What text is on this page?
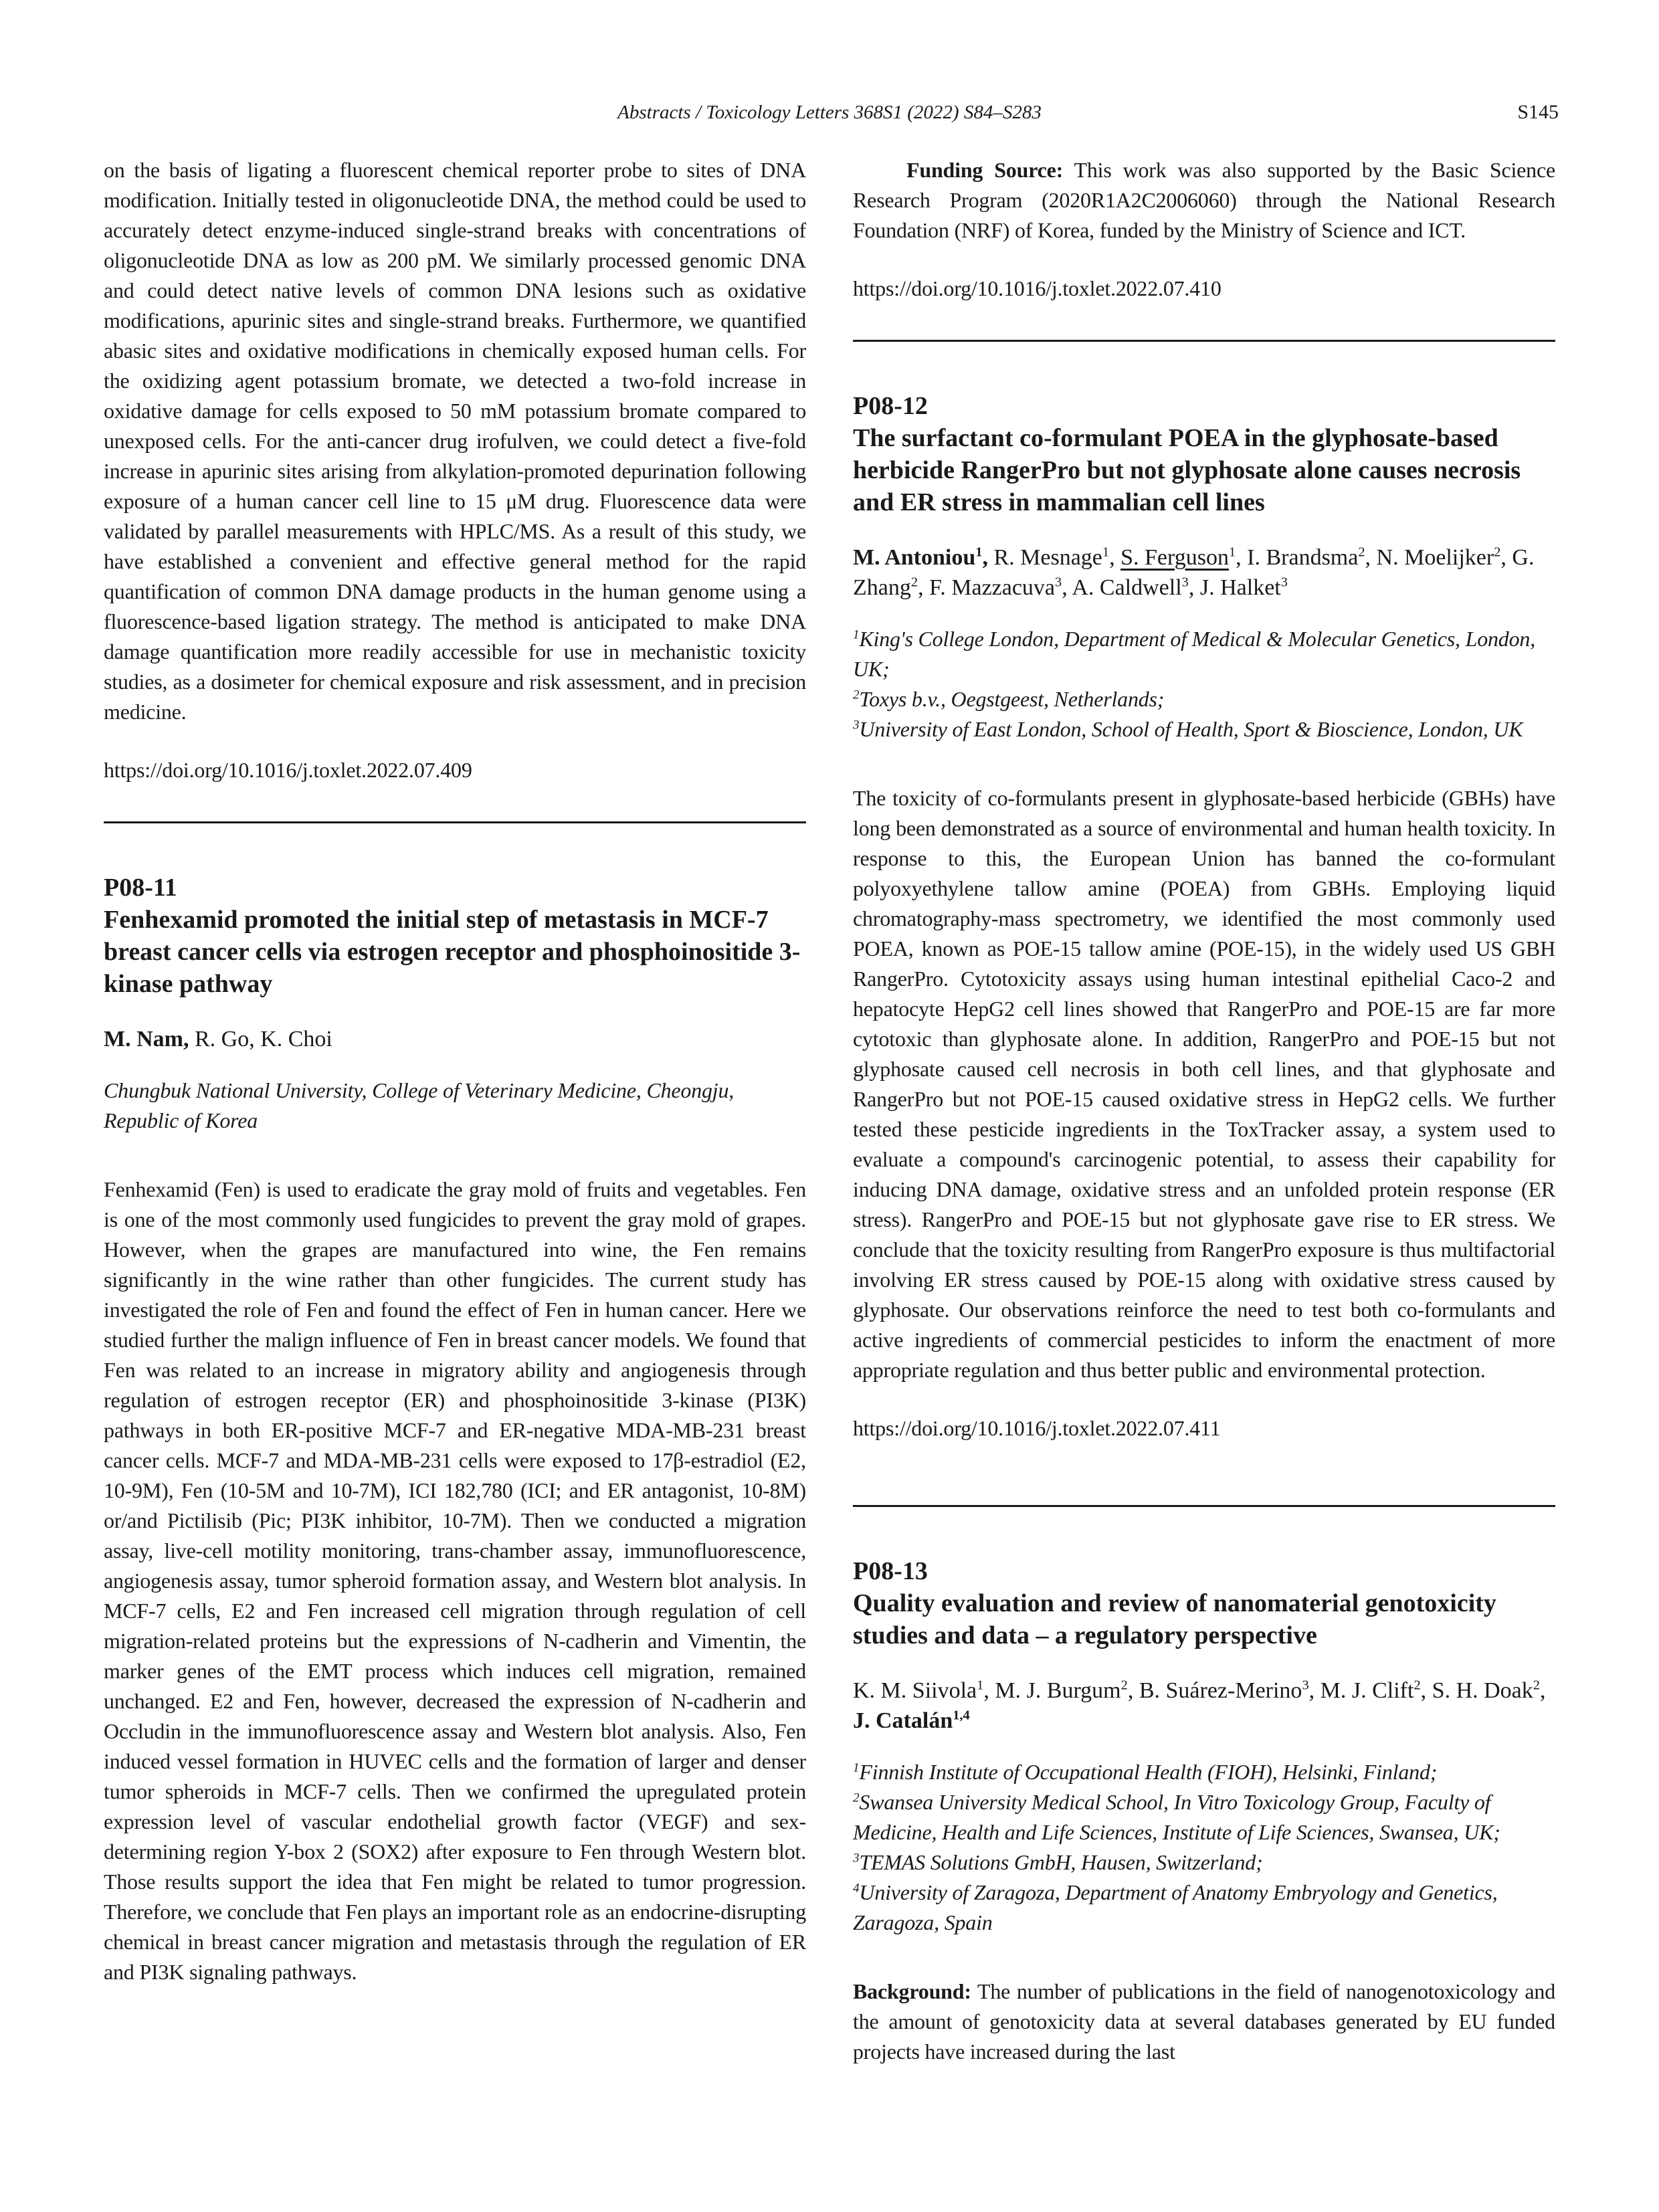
Abstracts / Toxicology Letters 368S1 (2022) S84–S283	S145

on the basis of ligating a fluorescent chemical reporter probe to sites of DNA modification. Initially tested in oligonucleotide DNA, the method could be used to accurately detect enzyme-induced single-strand breaks with concentrations of oligonucleotide DNA as low as 200 pM. We similarly processed genomic DNA and could detect native levels of common DNA lesions such as oxidative modifications, apurinic sites and single-strand breaks. Furthermore, we quantified abasic sites and oxidative modifications in chemically exposed human cells. For the oxidizing agent potassium bromate, we detected a two-fold increase in oxidative damage for cells exposed to 50 mM potassium bromate compared to unexposed cells. For the anti-cancer drug irofulven, we could detect a five-fold increase in apurinic sites arising from alkylation-promoted depurination following exposure of a human cancer cell line to 15 μM drug. Fluorescence data were validated by parallel measurements with HPLC/MS. As a result of this study, we have established a convenient and effective general method for the rapid quantification of common DNA damage products in the human genome using a fluorescence-based ligation strategy. The method is anticipated to make DNA damage quantification more readily accessible for use in mechanistic toxicity studies, as a dosimeter for chemical exposure and risk assessment, and in precision medicine.

https://doi.org/10.1016/j.toxlet.2022.07.409

P08-11
Fenhexamid promoted the initial step of metastasis in MCF-7 breast cancer cells via estrogen receptor and phosphoinositide 3-kinase pathway

M. Nam, R. Go, K. Choi

Chungbuk National University, College of Veterinary Medicine, Cheongju, Republic of Korea

Fenhexamid (Fen) is used to eradicate the gray mold of fruits and vegetables. Fen is one of the most commonly used fungicides to prevent the gray mold of grapes. However, when the grapes are manufactured into wine, the Fen remains significantly in the wine rather than other fungicides. The current study has investigated the role of Fen and found the effect of Fen in human cancer. Here we studied further the malign influence of Fen in breast cancer models. We found that Fen was related to an increase in migratory ability and angiogenesis through regulation of estrogen receptor (ER) and phosphoinositide 3-kinase (PI3K) pathways in both ER-positive MCF-7 and ER-negative MDA-MB-231 breast cancer cells. MCF-7 and MDA-MB-231 cells were exposed to 17β-estradiol (E2, 10-9M), Fen (10-5M and 10-7M), ICI 182,780 (ICI; and ER antagonist, 10-8M) or/and Pictilisib (Pic; PI3K inhibitor, 10-7M). Then we conducted a migration assay, live-cell motility monitoring, trans-chamber assay, immunofluorescence, angiogenesis assay, tumor spheroid formation assay, and Western blot analysis. In MCF-7 cells, E2 and Fen increased cell migration through regulation of cell migration-related proteins but the expressions of N-cadherin and Vimentin, the marker genes of the EMT process which induces cell migration, remained unchanged. E2 and Fen, however, decreased the expression of N-cadherin and Occludin in the immunofluorescence assay and Western blot analysis. Also, Fen induced vessel formation in HUVEC cells and the formation of larger and denser tumor spheroids in MCF-7 cells. Then we confirmed the upregulated protein expression level of vascular endothelial growth factor (VEGF) and sex-determining region Y-box 2 (SOX2) after exposure to Fen through Western blot. Those results support the idea that Fen might be related to tumor progression. Therefore, we conclude that Fen plays an important role as an endocrine-disrupting chemical in breast cancer migration and metastasis through the regulation of ER and PI3K signaling pathways.

Funding Source: This work was also supported by the Basic Science Research Program (2020R1A2C2006060) through the National Research Foundation (NRF) of Korea, funded by the Ministry of Science and ICT.

https://doi.org/10.1016/j.toxlet.2022.07.410

P08-12
The surfactant co-formulant POEA in the glyphosate-based herbicide RangerPro but not glyphosate alone causes necrosis and ER stress in mammalian cell lines

M. Antoniou$^1$, R. Mesnage$^1$, S. Ferguson$^1$, I. Brandsma$^2$, N. Moelijker$^2$, G. Zhang$^2$, F. Mazzacuva$^3$, A. Caldwell$^3$, J. Halket$^3$

$^1$King's College London, Department of Medical & Molecular Genetics, London, UK;
$^2$Toxys b.v., Oegstgeest, Netherlands;
$^3$University of East London, School of Health, Sport & Bioscience, London, UK

The toxicity of co-formulants present in glyphosate-based herbicide (GBHs) have long been demonstrated as a source of environmental and human health toxicity. In response to this, the European Union has banned the co-formulant polyoxyethylene tallow amine (POEA) from GBHs. Employing liquid chromatography-mass spectrometry, we identified the most commonly used POEA, known as POE-15 tallow amine (POE-15), in the widely used US GBH RangerPro. Cytotoxicity assays using human intestinal epithelial Caco-2 and hepatocyte HepG2 cell lines showed that RangerPro and POE-15 are far more cytotoxic than glyphosate alone. In addition, RangerPro and POE-15 but not glyphosate caused cell necrosis in both cell lines, and that glyphosate and RangerPro but not POE-15 caused oxidative stress in HepG2 cells. We further tested these pesticide ingredients in the ToxTracker assay, a system used to evaluate a compound's carcinogenic potential, to assess their capability for inducing DNA damage, oxidative stress and an unfolded protein response (ER stress). RangerPro and POE-15 but not glyphosate gave rise to ER stress. We conclude that the toxicity resulting from RangerPro exposure is thus multifactorial involving ER stress caused by POE-15 along with oxidative stress caused by glyphosate. Our observations reinforce the need to test both co-formulants and active ingredients of commercial pesticides to inform the enactment of more appropriate regulation and thus better public and environmental protection.

https://doi.org/10.1016/j.toxlet.2022.07.411

P08-13
Quality evaluation and review of nanomaterial genotoxicity studies and data – a regulatory perspective

K. M. Siivola$^1$, M. J. Burgum$^2$, B. Suárez-Merino$^3$, M. J. Clift$^2$, S. H. Doak$^2$, J. Catalán$^{1,4}$

$^1$Finnish Institute of Occupational Health (FIOH), Helsinki, Finland;
$^2$Swansea University Medical School, In Vitro Toxicology Group, Faculty of Medicine, Health and Life Sciences, Institute of Life Sciences, Swansea, UK;
$^3$TEMAS Solutions GmbH, Hausen, Switzerland;
$^4$University of Zaragoza, Department of Anatomy Embryology and Genetics, Zaragoza, Spain

Background: The number of publications in the field of nanogenotoxicology and the amount of genotoxicity data at several databases generated by EU funded projects have increased during the last
